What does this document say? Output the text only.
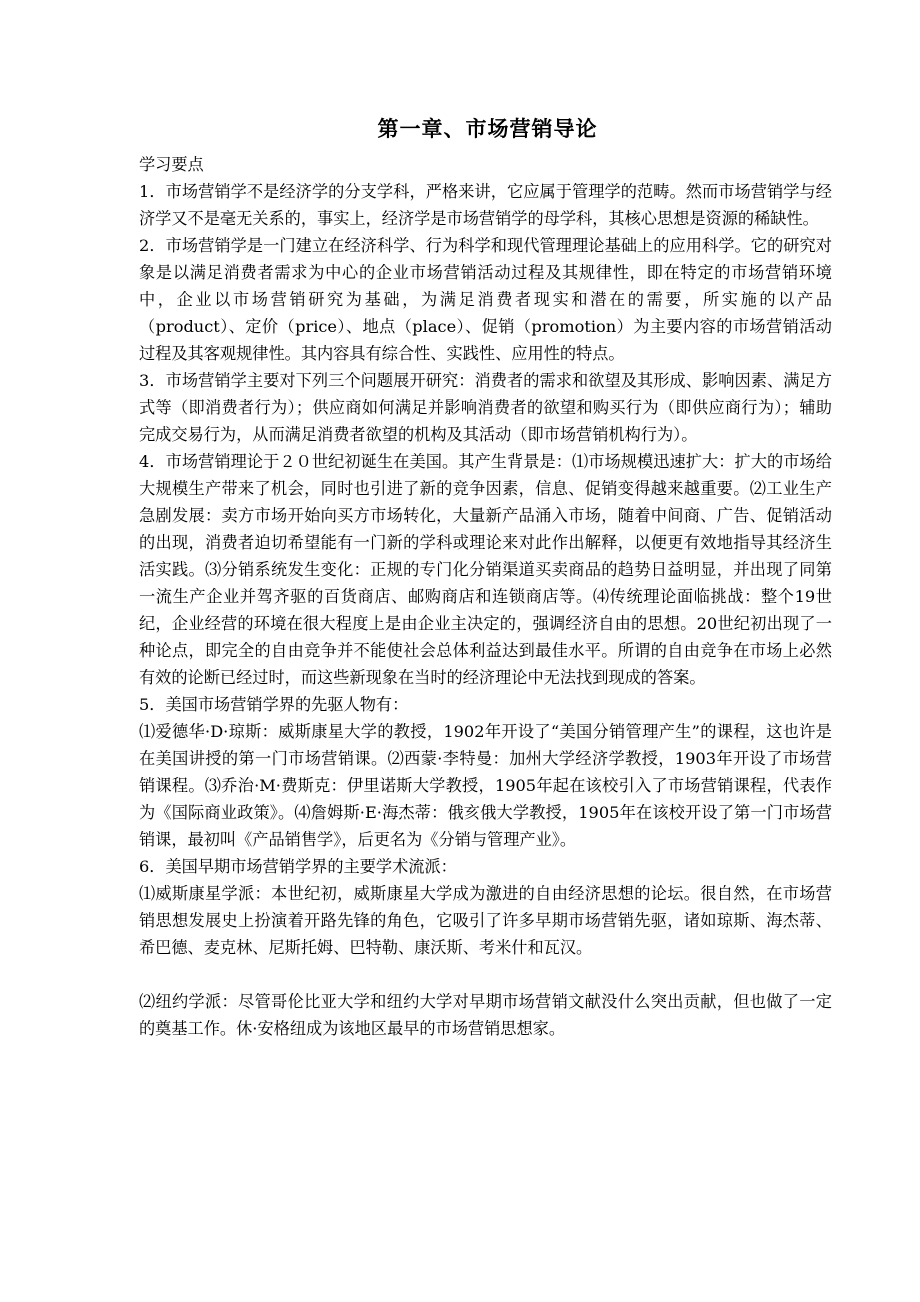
第一章、市场营销导论

学习要点

1．市场营销学不是经济学的分支学科，严格来讲，它应属于管理学的范畴。然而市场营销学与经济学又不是毫无关系的，事实上，经济学是市场营销学的母学科，其核心思想是资源的稀缺性。

2．市场营销学是一门建立在经济科学、行为科学和现代管理理论基础上的应用科学。它的研究对象是以满足消费者需求为中心的企业市场营销活动过程及其规律性，即在特定的市场营销环境中，企业以市场营销研究为基础，为满足消费者现实和潜在的需要，所实施的以产品（product）、定价（price）、地点（place）、促销（promotion）为主要内容的市场营销活动过程及其客观规律性。其内容具有综合性、实践性、应用性的特点。

3．市场营销学主要对下列三个问题展开研究：消费者的需求和欲望及其形成、影响因素、满足方式等（即消费者行为）；供应商如何满足并影响消费者的欲望和购买行为（即供应商行为）；辅助完成交易行为，从而满足消费者欲望的机构及其活动（即市场营销机构行为）。

4．市场营销理论于２０世纪初诞生在美国。其产生背景是：⑴市场规模迅速扩大：扩大的市场给大规模生产带来了机会，同时也引进了新的竞争因素，信息、促销变得越来越重要。⑵工业生产急剧发展：卖方市场开始向买方市场转化，大量新产品涌入市场，随着中间商、广告、促销活动的出现，消费者迫切希望能有一门新的学科或理论来对此作出解释，以便更有效地指导其经济生活实践。⑶分销系统发生变化：正规的专门化分销渠道买卖商品的趋势日益明显，并出现了同第一流生产企业并驾齐驱的百货商店、邮购商店和连锁商店等。⑷传统理论面临挑战：整个19世纪，企业经营的环境在很大程度上是由企业主决定的，强调经济自由的思想。20世纪初出现了一种论点，即完全的自由竞争并不能使社会总体利益达到最佳水平。所谓的自由竞争在市场上必然有效的论断已经过时，而这些新现象在当时的经济理论中无法找到现成的答案。

5．美国市场营销学界的先驱人物有：

⑴爱德华·D·琼斯：威斯康星大学的教授，1902年开设了“美国分销管理产生”的课程，这也许是在美国讲授的第一门市场营销课。⑵西蒙·李特曼：加州大学经济学教授，1903年开设了市场营销课程。⑶乔治·M·费斯克：伊里诺斯大学教授，1905年起在该校引入了市场营销课程，代表作为《国际商业政策》。⑷詹姆斯·E·海杰蒂：俄亥俄大学教授，1905年在该校开设了第一门市场营销课，最初叫《产品销售学》，后更名为《分销与管理产业》。

6．美国早期市场营销学界的主要学术流派：

⑴威斯康星学派：本世纪初，威斯康星大学成为激进的自由经济思想的论坛。很自然，在市场营销思想发展史上扮演着开路先锋的角色，它吸引了许多早期市场营销先驱，诸如琼斯、海杰蒂、希巴德、麦克林、尼斯托姆、巴特勒、康沃斯、考米什和瓦汉。

⑵纽约学派：尽管哥伦比亚大学和纽约大学对早期市场营销文献没什么突出贡献，但也做了一定的奠基工作。休·安格纽成为该地区最早的市场营销思想家。
